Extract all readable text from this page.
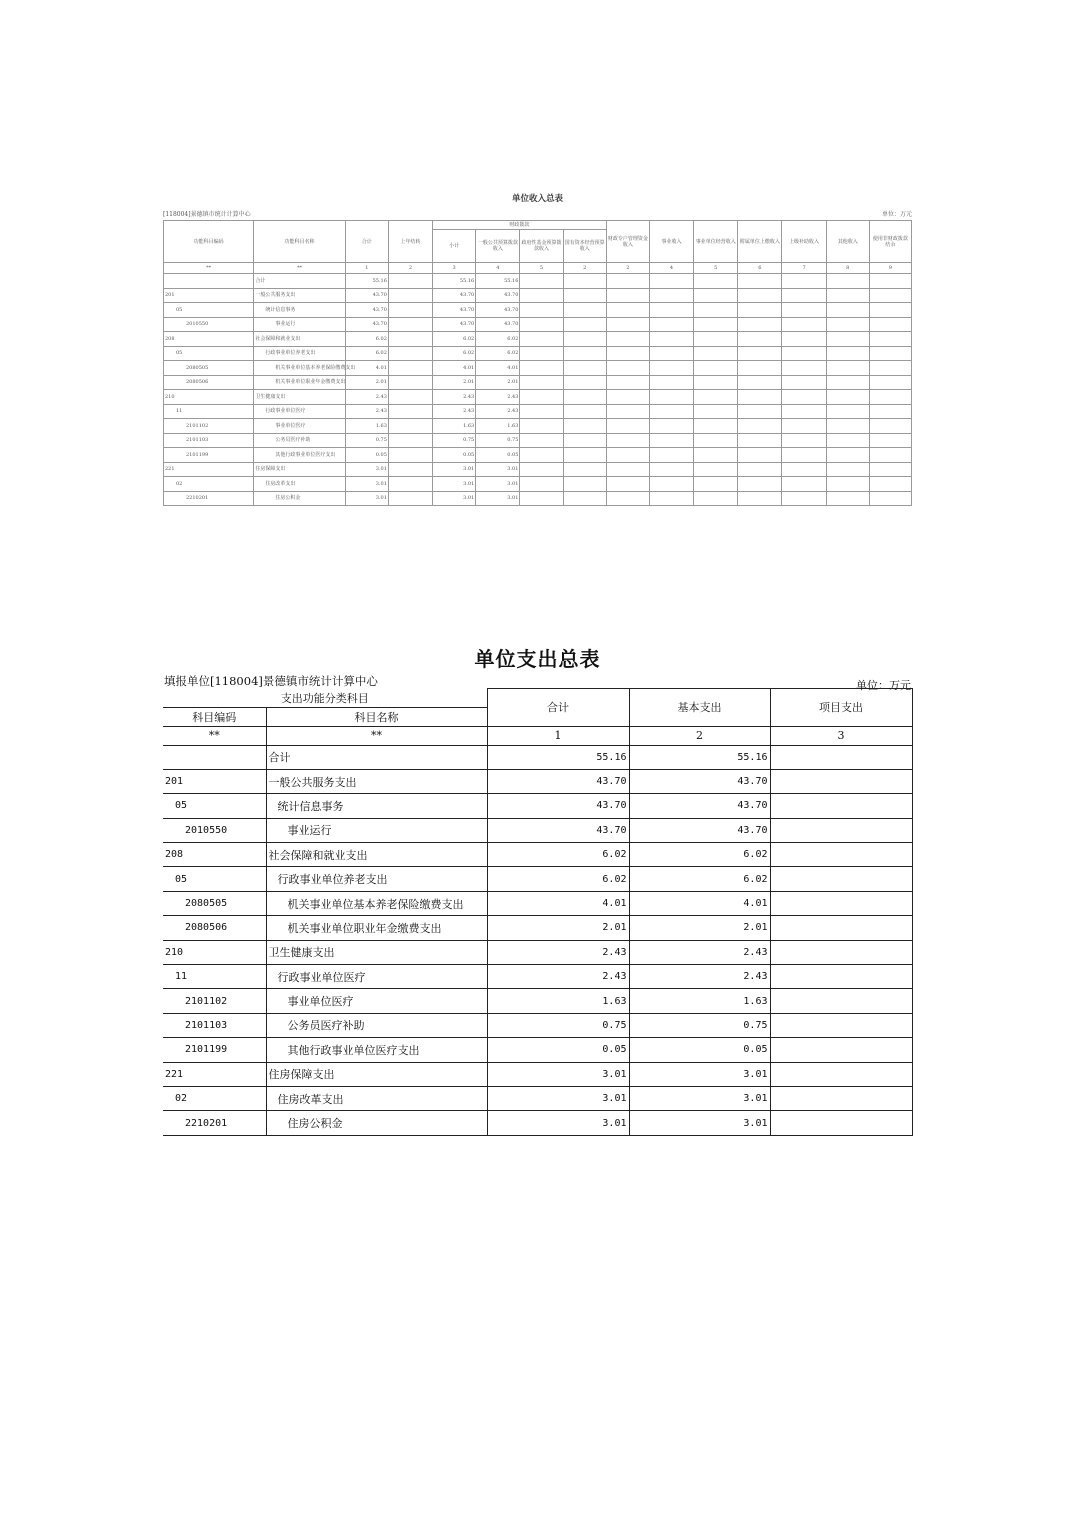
单位收入总表
[118004]景德镇市统计计算中心	单位：万元
功能科目编码	功能科目名称	合计	上年结转	财政拨款				财政专户管理资金收入	事业收入	事业单位经营收入	附属单位上缴收入	上级补助收入	其他收入	使用非财政拨款结余
				小计	一般公共预算拨款收入	政府性基金预算拨款收入	国有资本经营预算收入							
**	**	1	2	3	4	5	2	2	4	5	6	7	8	9
	合计	55.16		55.16	55.16									
201	一般公共服务支出	43.70		43.70	43.70									
05	统计信息事务	43.70		43.70	43.70									
2010550	事业运行	43.70		43.70	43.70									
208	社会保障和就业支出	6.02		6.02	6.02									
05	行政事业单位养老支出	6.02		6.02	6.02									
2080505	机关事业单位基本养老保险缴费支出	4.01		4.01	4.01									
2080506	机关事业单位职业年金缴费支出	2.01		2.01	2.01									
210	卫生健康支出	2.43		2.43	2.43									
11	行政事业单位医疗	2.43		2.43	2.43									
2101102	事业单位医疗	1.63		1.63	1.63									
2101103	公务员医疗补助	0.75		0.75	0.75									
2101199	其他行政事业单位医疗支出	0.05		0.05	0.05									
221	住房保障支出	3.01		3.01	3.01									
02	住房改革支出	3.01		3.01	3.01									
2210201	住房公积金	3.01		3.01	3.01									
单位支出总表
填报单位[118004]景德镇市统计计算中心	单位：万元
支出功能分类科目		合计	基本支出	项目支出
科目编码	科目名称			
**	**	1	2	3
	合计	55.16	55.16	
201	一般公共服务支出	43.70	43.70	
05	统计信息事务	43.70	43.70	
2010550	事业运行	43.70	43.70	
208	社会保障和就业支出	6.02	6.02	
05	行政事业单位养老支出	6.02	6.02	
2080505	机关事业单位基本养老保险缴费支出	4.01	4.01	
2080506	机关事业单位职业年金缴费支出	2.01	2.01	
210	卫生健康支出	2.43	2.43	
11	行政事业单位医疗	2.43	2.43	
2101102	事业单位医疗	1.63	1.63	
2101103	公务员医疗补助	0.75	0.75	
2101199	其他行政事业单位医疗支出	0.05	0.05	
221	住房保障支出	3.01	3.01	
02	住房改革支出	3.01	3.01	
2210201	住房公积金	3.01	3.01	
